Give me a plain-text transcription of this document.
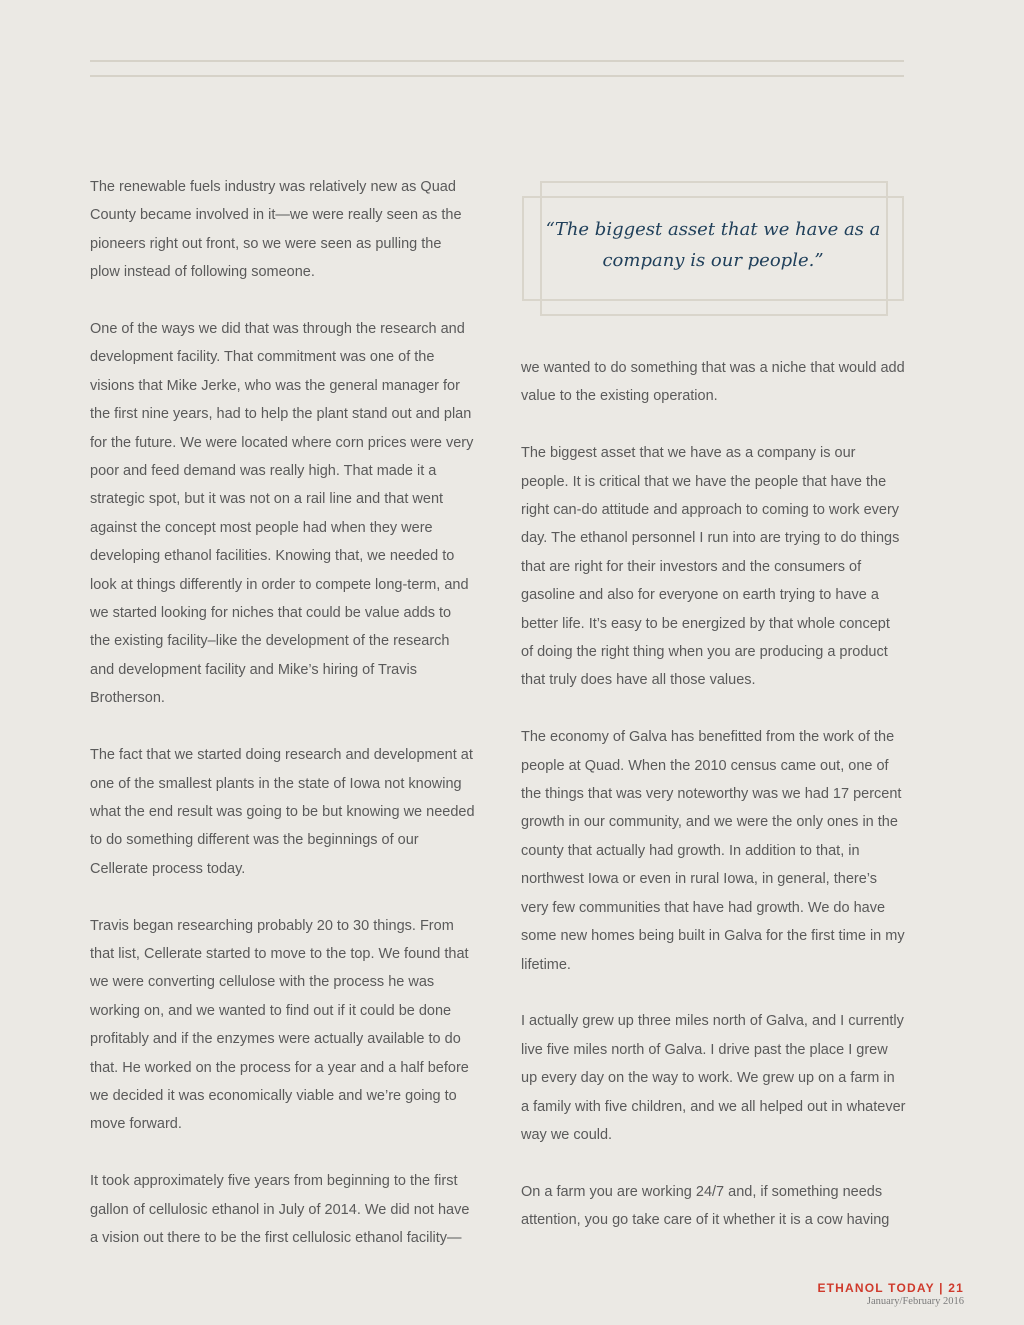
The renewable fuels industry was relatively new as Quad County became involved in it—we were really seen as the pioneers right out front, so we were seen as pulling the plow instead of following someone.

One of the ways we did that was through the research and development facility. That commitment was one of the visions that Mike Jerke, who was the general manager for the first nine years, had to help the plant stand out and plan for the future. We were located where corn prices were very poor and feed demand was really high. That made it a strategic spot, but it was not on a rail line and that went against the concept most people had when they were developing ethanol facilities. Knowing that, we needed to look at things differently in order to compete long-term, and we started looking for niches that could be value adds to the existing facility–like the development of the research and development facility and Mike’s hiring of Travis Brotherson.

The fact that we started doing research and development at one of the smallest plants in the state of Iowa not knowing what the end result was going to be but knowing we needed to do something different was the beginnings of our Cellerate process today.

Travis began researching probably 20 to 30 things. From that list, Cellerate started to move to the top. We found that we were converting cellulose with the process he was working on, and we wanted to find out if it could be done profitably and if the enzymes were actually available to do that. He worked on the process for a year and a half before we decided it was economically viable and we’re going to move forward.

It took approximately five years from beginning to the first gallon of cellulosic ethanol in July of 2014. We did not have a vision out there to be the first cellulosic ethanol facility—

“The biggest asset that we have as a company is our people.”

we wanted to do something that was a niche that would add value to the existing operation.

The biggest asset that we have as a company is our people. It is critical that we have the people that have the right can-do attitude and approach to coming to work every day. The ethanol personnel I run into are trying to do things that are right for their investors and the consumers of gasoline and also for everyone on earth trying to have a better life. It’s easy to be energized by that whole concept of doing the right thing when you are producing a product that truly does have all those values.

The economy of Galva has benefitted from the work of the people at Quad. When the 2010 census came out, one of the things that was very noteworthy was we had 17 percent growth in our community, and we were the only ones in the county that actually had growth. In addition to that, in northwest Iowa or even in rural Iowa, in general, there’s very few communities that have had growth. We do have some new homes being built in Galva for the first time in my lifetime.

I actually grew up three miles north of Galva, and I currently live five miles north of Galva. I drive past the place I grew up every day on the way to work. We grew up on a farm in a family with five children, and we all helped out in whatever way we could.

On a farm you are working 24/7 and, if something needs attention, you go take care of it whether it is a cow having

ETHANOL TODAY | 21
January/February 2016
